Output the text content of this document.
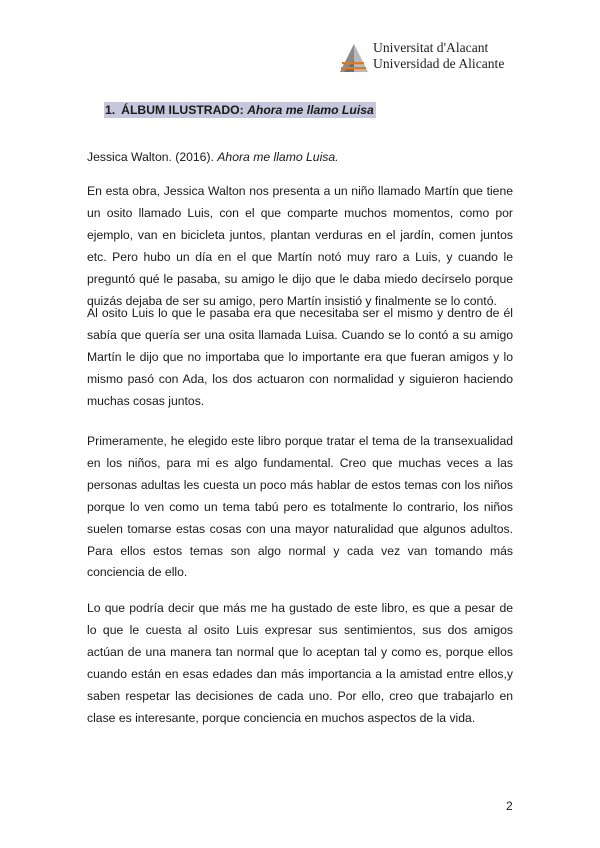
Universitat d'Alacant
Universidad de Alicante
1. ÁLBUM ILUSTRADO: Ahora me llamo Luisa
Jessica Walton. (2016). Ahora me llamo Luisa.

En esta obra, Jessica Walton nos presenta a un niño llamado Martín que tiene un osito llamado Luis, con el que comparte muchos momentos, como por ejemplo, van en bicicleta juntos, plantan verduras en el jardín, comen juntos etc. Pero hubo un día en el que Martín notó muy raro a Luis, y cuando le preguntó qué le pasaba, su amigo le dijo que le daba miedo decírselo porque quizás dejaba de ser su amigo, pero Martín insistió y finalmente se lo contó.

Al osito Luis lo que le pasaba era que necesitaba ser el mismo y dentro de él sabía que quería ser una osita llamada Luisa. Cuando se lo contó a su amigo Martín le dijo que no importaba que lo importante era que fueran amigos y lo mismo pasó con Ada, los dos actuaron con normalidad y siguieron haciendo muchas cosas juntos.

Primeramente, he elegido este libro porque tratar el tema de la transexualidad en los niños, para mi es algo fundamental. Creo que muchas veces a las personas adultas les cuesta un poco más hablar de estos temas con los niños porque lo ven como un tema tabú pero es totalmente lo contrario, los niños suelen tomarse estas cosas con una mayor naturalidad que algunos adultos. Para ellos estos temas son algo normal y cada vez van tomando más conciencia de ello.

Lo que podría decir que más me ha gustado de este libro, es que a pesar de lo que le cuesta al osito Luis expresar sus sentimientos, sus dos amigos actúan de una manera tan normal que lo aceptan tal y como es, porque ellos cuando están en esas edades dan más importancia a la amistad entre ellos,y saben respetar las decisiones de cada uno. Por ello, creo que trabajarlo en clase es interesante, porque conciencia en muchos aspectos de la vida.

2
